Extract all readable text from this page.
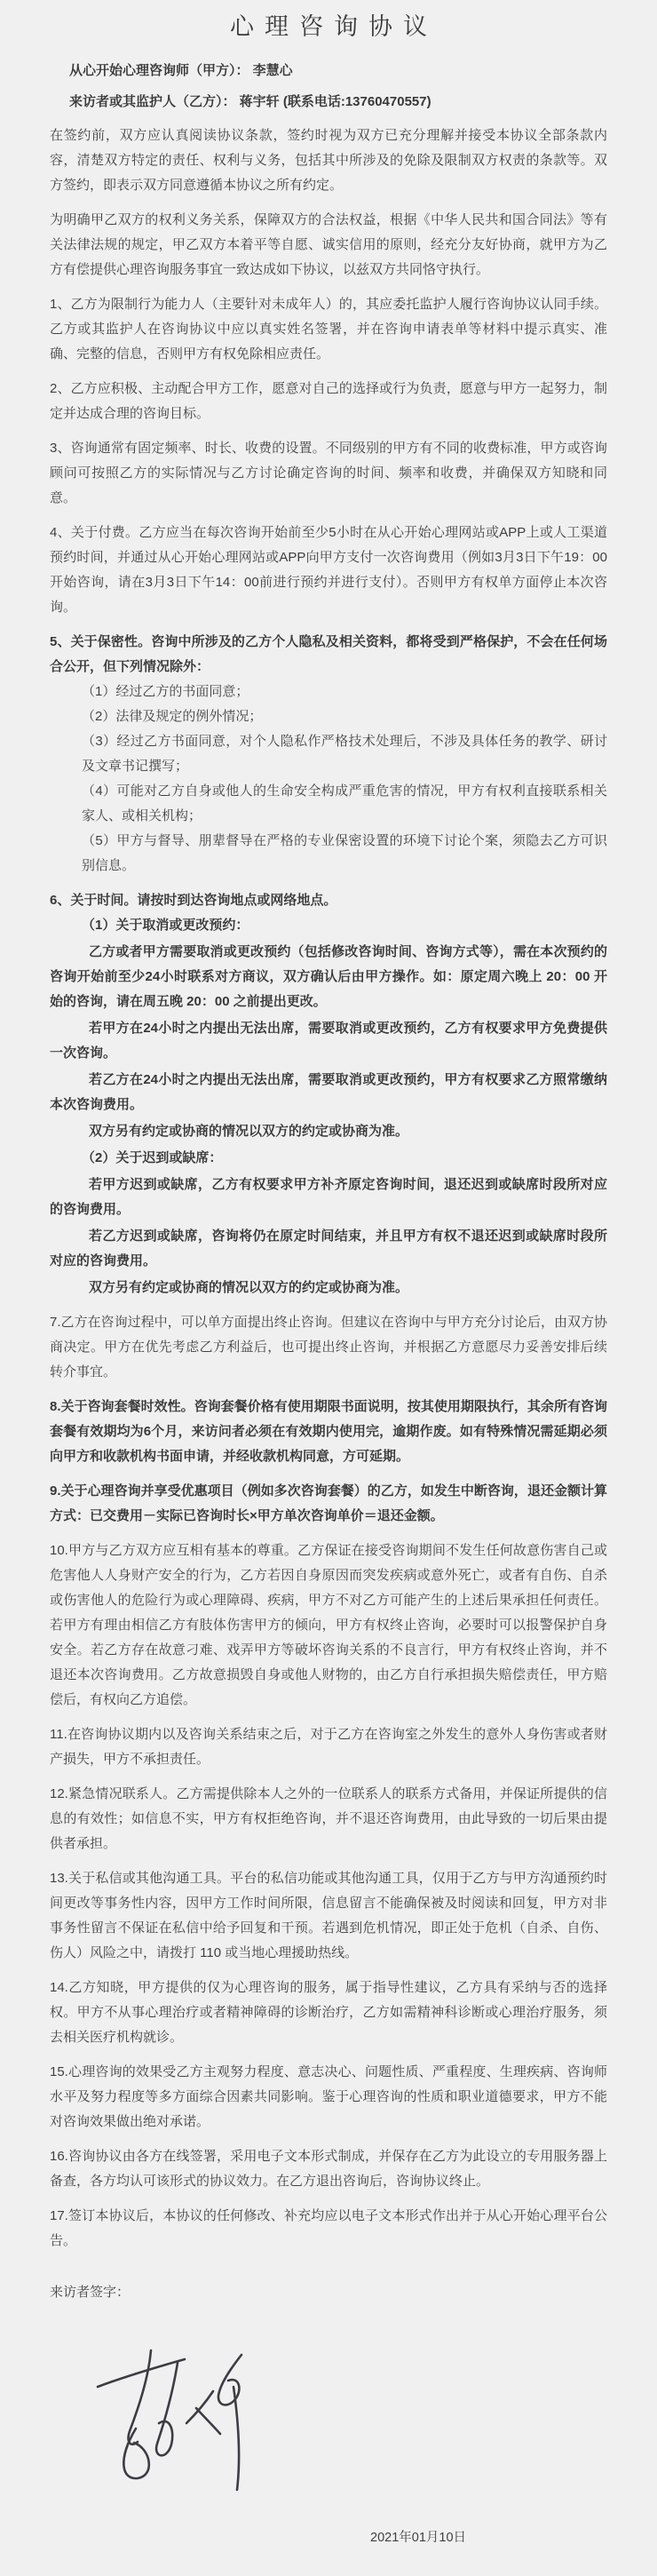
心理咨询协议
从心开始心理咨询师（甲方）： 李慧心
来访者或其监护人（乙方）： 蒋宇轩 (联系电话:13760470557)
在签约前，双方应认真阅读协议条款，签约时视为双方已充分理解并接受本协议全部条款内容，清楚双方特定的责任、权利与义务，包括其中所涉及的免除及限制双方权责的条款等。双方签约，即表示双方同意遵循本协议之所有约定。
为明确甲乙双方的权利义务关系，保障双方的合法权益，根据《中华人民共和国合同法》等有关法律法规的规定，甲乙双方本着平等自愿、诚实信用的原则，经充分友好协商，就甲方为乙方有偿提供心理咨询服务事宜一致达成如下协议，以兹双方共同恪守执行。
1、乙方为限制行为能力人（主要针对未成年人）的，其应委托监护人履行咨询协议认同手续。乙方或其监护人在咨询协议中应以真实姓名签署，并在咨询申请表单等材料中提示真实、准确、完整的信息，否则甲方有权免除相应责任。
2、乙方应积极、主动配合甲方工作，愿意对自己的选择或行为负责，愿意与甲方一起努力，制定并达成合理的咨询目标。
3、咨询通常有固定频率、时长、收费的设置。不同级别的甲方有不同的收费标准，甲方或咨询顾问可按照乙方的实际情况与乙方讨论确定咨询的时间、频率和收费，并确保双方知晓和同意。
4、关于付费。乙方应当在每次咨询开始前至少5小时在从心开始心理网站或APP上或人工渠道预约时间，并通过从心开始心理网站或APP向甲方支付一次咨询费用（例如3月3日下午19：00开始咨询，请在3月3日下午14：00前进行预约并进行支付）。否则甲方有权单方面停止本次咨询。
5、关于保密性。咨询中所涉及的乙方个人隐私及相关资料，都将受到严格保护，不会在任何场合公开，但下列情况除外：
（1）经过乙方的书面同意；
（2）法律及规定的例外情况；
（3）经过乙方书面同意，对个人隐私作严格技术处理后，不涉及具体任务的教学、研讨及文章书记撰写；
（4）可能对乙方自身或他人的生命安全构成严重危害的情况，甲方有权利直接联系相关家人、或相关机构；
（5）甲方与督导、朋辈督导在严格的专业保密设置的环境下讨论个案，须隐去乙方可识别信息。
6、关于时间。请按时到达咨询地点或网络地点。
（1）关于取消或更改预约：
乙方或者甲方需要取消或更改预约（包括修改咨询时间、咨询方式等），需在本次预约的咨询开始前至少24小时联系对方商议，双方确认后由甲方操作。如：原定周六晚上 20：00 开始的咨询，请在周五晚 20：00 之前提出更改。
若甲方在24小时之内提出无法出席，需要取消或更改预约，乙方有权要求甲方免费提供一次咨询。
若乙方在24小时之内提出无法出席，需要取消或更改预约，甲方有权要求乙方照常缴纳本次咨询费用。
双方另有约定或协商的情况以双方的约定或协商为准。
（2）关于迟到或缺席：
若甲方迟到或缺席，乙方有权要求甲方补齐原定咨询时间，退还迟到或缺席时段所对应的咨询费用。
若乙方迟到或缺席，咨询将仍在原定时间结束，并且甲方有权不退还迟到或缺席时段所对应的咨询费用。
双方另有约定或协商的情况以双方的约定或协商为准。
7.乙方在咨询过程中，可以单方面提出终止咨询。但建议在咨询中与甲方充分讨论后，由双方协商决定。甲方在优先考虑乙方利益后，也可提出终止咨询，并根据乙方意愿尽力妥善安排后续转介事宜。
8.关于咨询套餐时效性。咨询套餐价格有使用期限书面说明，按其使用期限执行，其余所有咨询套餐有效期均为6个月，来访问者必须在有效期内使用完，逾期作废。如有特殊情况需延期必须向甲方和收款机构书面申请，并经收款机构同意，方可延期。
9.关于心理咨询并享受优惠项目（例如多次咨询套餐）的乙方，如发生中断咨询，退还金额计算方式：已交费用－实际已咨询时长×甲方单次咨询单价＝退还金额。
10.甲方与乙方双方应互相有基本的尊重。乙方保证在接受咨询期间不发生任何故意伤害自己或危害他人人身财产安全的行为，乙方若因自身原因而突发疾病或意外死亡，或者有自伤、自杀或伤害他人的危险行为或心理障碍、疾病，甲方不对乙方可能产生的上述后果承担任何责任。若甲方有理由相信乙方有肢体伤害甲方的倾向，甲方有权终止咨询，必要时可以报警保护自身安全。若乙方存在故意刁难、戏弄甲方等破坏咨询关系的不良言行，甲方有权终止咨询，并不退还本次咨询费用。乙方故意损毁自身或他人财物的，由乙方自行承担损失赔偿责任，甲方赔偿后，有权向乙方追偿。
11.在咨询协议期内以及咨询关系结束之后，对于乙方在咨询室之外发生的意外人身伤害或者财产损失，甲方不承担责任。
12.紧急情况联系人。乙方需提供除本人之外的一位联系人的联系方式备用，并保证所提供的信息的有效性；如信息不实，甲方有权拒绝咨询，并不退还咨询费用，由此导致的一切后果由提供者承担。
13.关于私信或其他沟通工具。平台的私信功能或其他沟通工具，仅用于乙方与甲方沟通预约时间更改等事务性内容，因甲方工作时间所限，信息留言不能确保被及时阅读和回复，甲方对非事务性留言不保证在私信中给予回复和干预。若遇到危机情况，即正处于危机（自杀、自伤、伤人）风险之中，请拨打 110 或当地心理援助热线。
14.乙方知晓，甲方提供的仅为心理咨询的服务，属于指导性建议，乙方具有采纳与否的选择权。甲方不从事心理治疗或者精神障碍的诊断治疗，乙方如需精神科诊断或心理治疗服务，须去相关医疗机构就诊。
15.心理咨询的效果受乙方主观努力程度、意志决心、问题性质、严重程度、生理疾病、咨询师水平及努力程度等多方面综合因素共同影响。鉴于心理咨询的性质和职业道德要求，甲方不能对咨询效果做出绝对承诺。
16.咨询协议由各方在线签署，采用电子文本形式制成，并保存在乙方为此设立的专用服务器上备查，各方均认可该形式的协议效力。在乙方退出咨询后，咨询协议终止。
17.签订本协议后，本协议的任何修改、补充均应以电子文本形式作出并于从心开始心理平台公告。
来访者签字：
2021年01月10日
